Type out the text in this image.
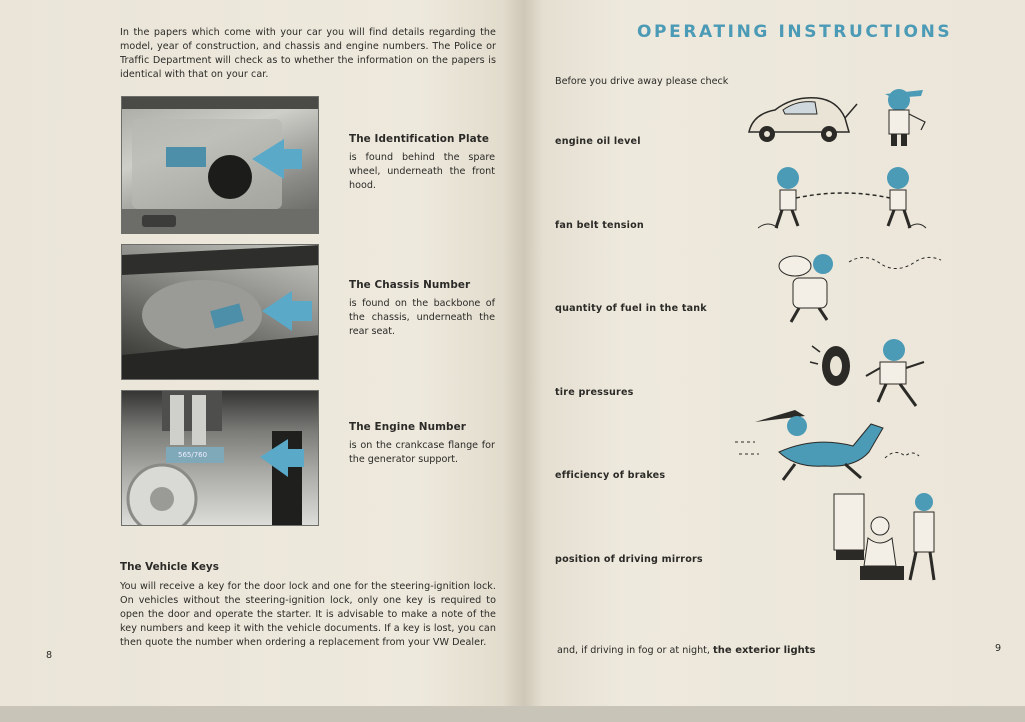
In the papers which come with your car you will find details regarding the model, year of construction, and chassis and engine numbers. The Police or Traffic Department will check as to whether the information on the papers is identical with that on your car.

The Identification Plate

is found behind the spare wheel, underneath the front hood.

The Chassis Number

is found on the backbone of the chassis, underneath the rear seat.

565/760
The Engine Number

is on the crankcase flange for the generator support.

The Vehicle Keys

You will receive a key for the door lock and one for the steering-ignition lock. On vehicles without the steering-ignition lock, only one key is required to open the door and operate the starter. It is advisable to make a note of the key numbers and keep it with the vehicle documents. If a key is lost, you can then quote the number when ordering a replacement from your VW Dealer.

8
OPERATING INSTRUCTIONS
Before you drive away please check
engine oil level
fan belt tension
quantity of fuel in the tank
tire pressures
efficiency of brakes
position of driving mirrors
and, if driving in fog or at night, the exterior lights	9
